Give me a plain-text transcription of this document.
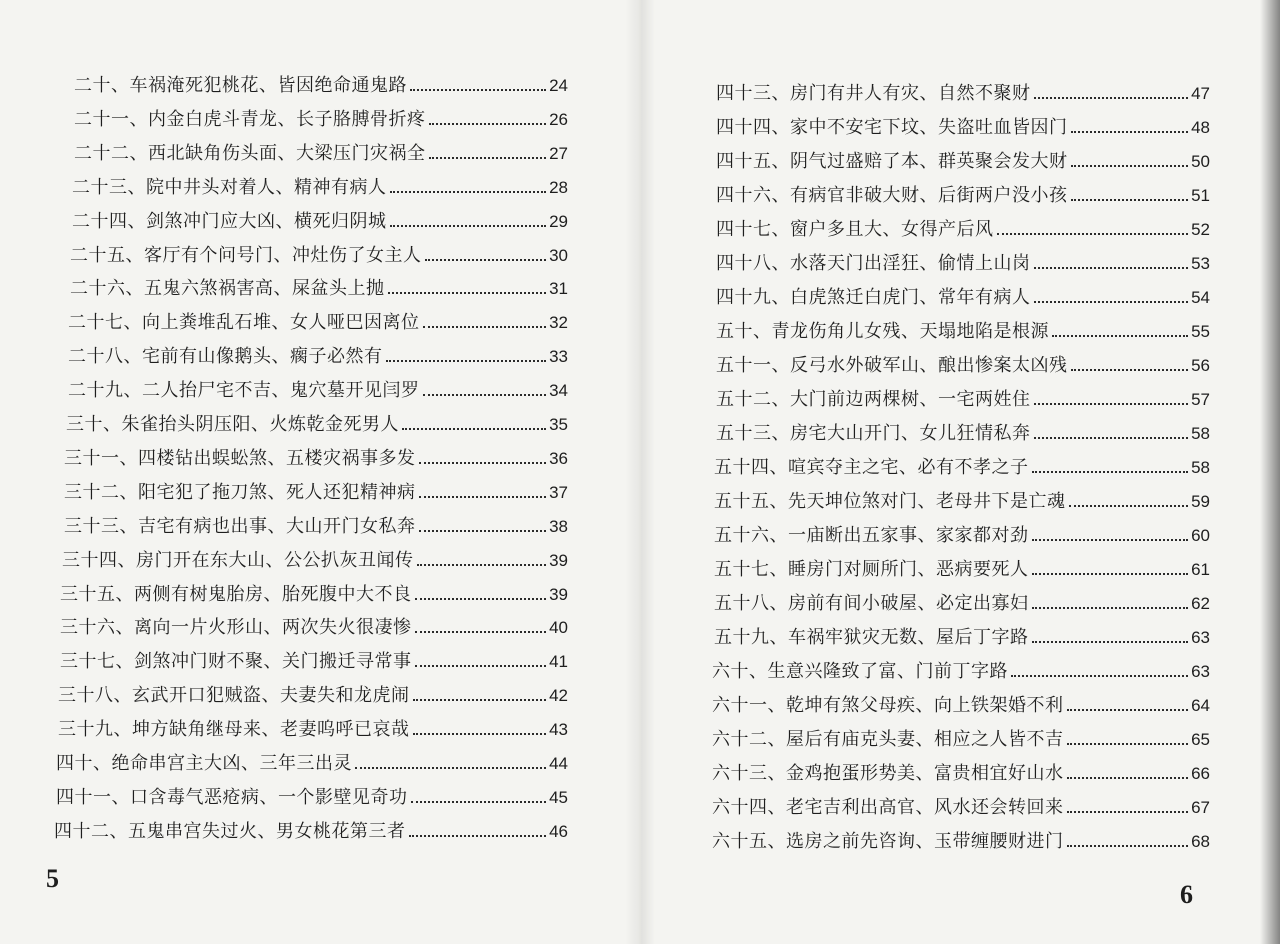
5
二十、车祸淹死犯桃花、皆因绝命通鬼路	24
二十一、内金白虎斗青龙、长子胳膊骨折疼	26
二十二、西北缺角伤头面、大梁压门灾祸全	27
二十三、院中井头对着人、精神有病人	28
二十四、剑煞冲门应大凶、横死归阴城	29
二十五、客厅有个问号门、冲灶伤了女主人	30
二十六、五鬼六煞祸害高、屎盆头上抛	31
二十七、向上粪堆乱石堆、女人哑巴因离位	32
二十八、宅前有山像鹅头、瘸子必然有	33
二十九、二人抬尸宅不吉、鬼穴墓开见闫罗	34
三十、朱雀抬头阴压阳、火炼乾金死男人	35
三十一、四楼钻出蜈蚣煞、五楼灾祸事多发	36
三十二、阳宅犯了拖刀煞、死人还犯精神病	37
三十三、吉宅有病也出事、大山开门女私奔	38
三十四、房门开在东大山、公公扒灰丑闻传	39
三十五、两侧有树鬼胎房、胎死腹中大不良	39
三十六、离向一片火形山、两次失火很凄惨	40
三十七、剑煞冲门财不聚、关门搬迁寻常事	41
三十八、玄武开口犯贼盗、夫妻失和龙虎闹	42
三十九、坤方缺角继母来、老妻呜呼已哀哉	43
四十、绝命串宫主大凶、三年三出灵	44
四十一、口含毒气恶疮病、一个影壁见奇功	45
四十二、五鬼串宫失过火、男女桃花第三者	46
6
四十三、房门有井人有灾、自然不聚财	47
四十四、家中不安宅下坟、失盗吐血皆因门	48
四十五、阴气过盛赔了本、群英聚会发大财	50
四十六、有病官非破大财、后街两户没小孩	51
四十七、窗户多且大、女得产后风	52
四十八、水落天门出淫狂、偷情上山岗	53
四十九、白虎煞迁白虎门、常年有病人	54
五十、青龙伤角儿女残、天塌地陷是根源	55
五十一、反弓水外破军山、酿出惨案太凶残	56
五十二、大门前边两棵树、一宅两姓住	57
五十三、房宅大山开门、女儿狂情私奔	58
五十四、喧宾夺主之宅、必有不孝之子	58
五十五、先天坤位煞对门、老母井下是亡魂	59
五十六、一庙断出五家事、家家都对劲	60
五十七、睡房门对厕所门、恶病要死人	61
五十八、房前有间小破屋、必定出寡妇	62
五十九、车祸牢狱灾无数、屋后丁字路	63
六十、生意兴隆致了富、门前丁字路	63
六十一、乾坤有煞父母疾、向上铁架婚不利	64
六十二、屋后有庙克头妻、相应之人皆不吉	65
六十三、金鸡抱蛋形势美、富贵相宜好山水	66
六十四、老宅吉利出高官、风水还会转回来	67
六十五、选房之前先咨询、玉带缠腰财进门	68
